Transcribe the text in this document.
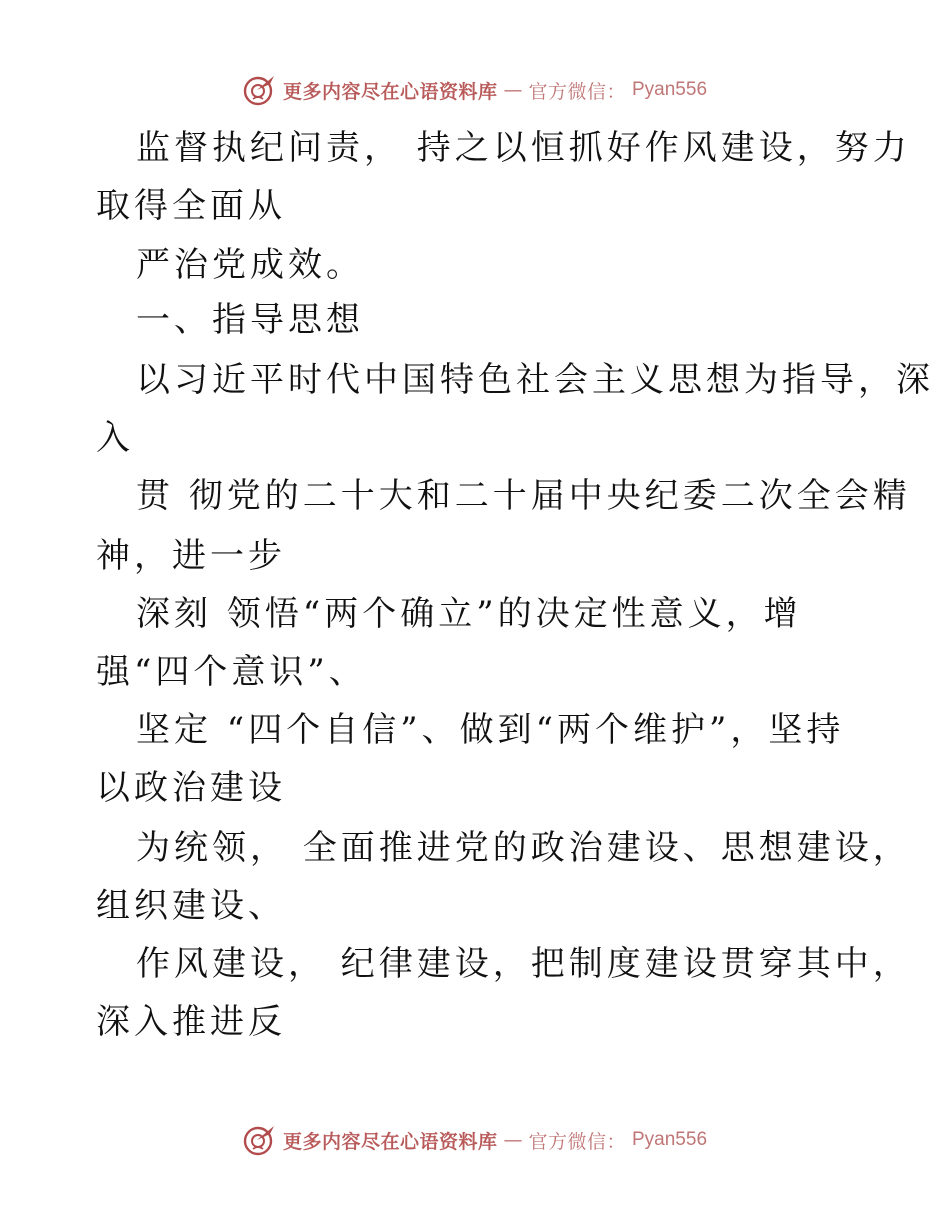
更多内容尽在心语资料库 — 官方微信： Pyan556
监督执纪问责， 持之以恒抓好作风建设，努力
取得全面从
严治党成效。
一、指导思想
以习近平时代中国特色社会主义思想为指导，深
入
贯 彻党的二十大和二十届中央纪委二次全会精
神，进一步
深刻 领悟“两个确立”的决定性意义，增
强“四个意识”、
坚定 “四个自信”、做到“两个维护”，坚持
以政治建设
为统领， 全面推进党的政治建设、思想建设，
组织建设、
作风建设， 纪律建设，把制度建设贯穿其中，
深入推进反
更多内容尽在心语资料库 — 官方微信： Pyan556
